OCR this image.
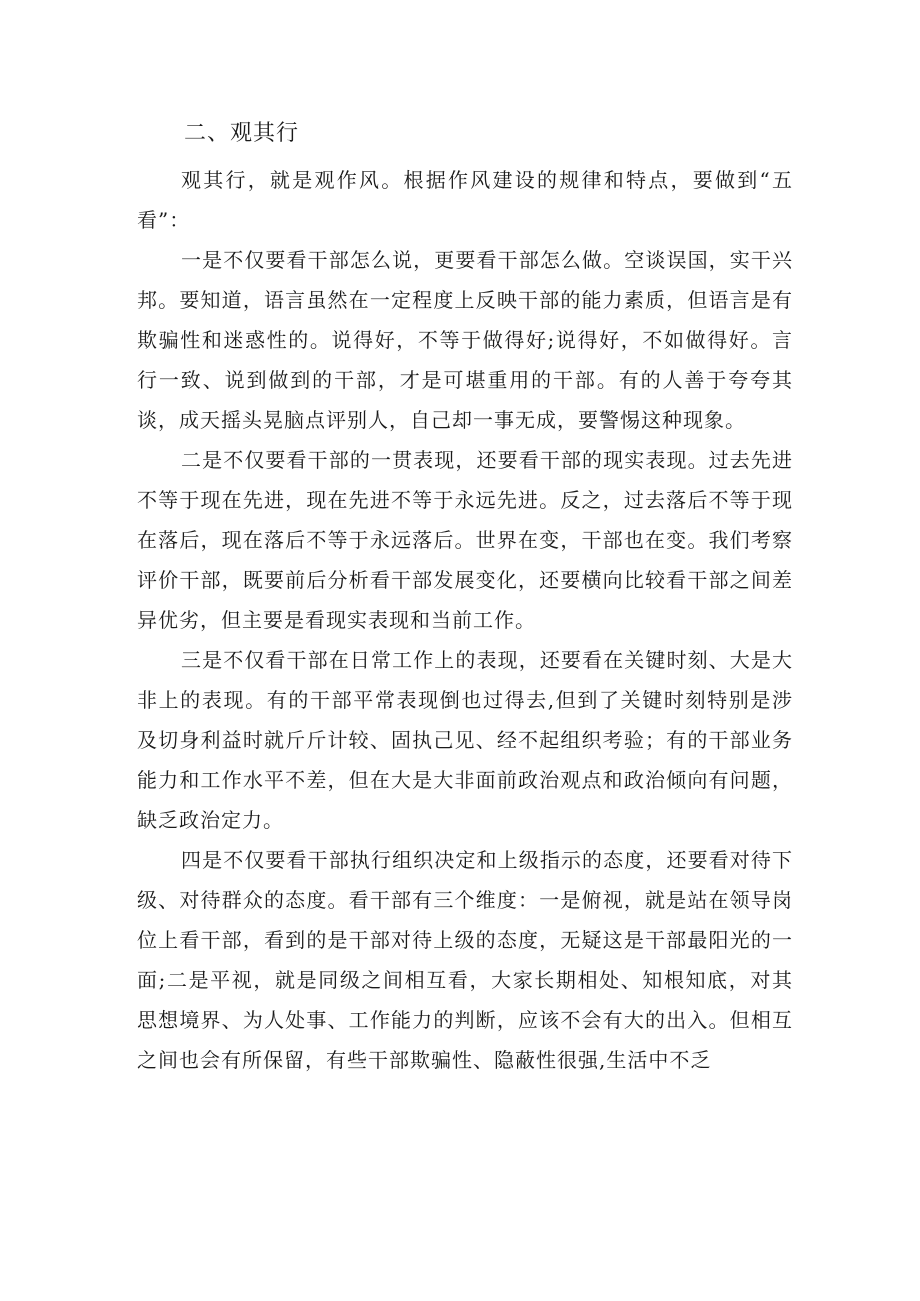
二、观其行

观其行，就是观作风。根据作风建设的规律和特点，要做到“五看”：

一是不仅要看干部怎么说，更要看干部怎么做。空谈误国，实干兴邦。要知道，语言虽然在一定程度上反映干部的能力素质，但语言是有欺骗性和迷惑性的。说得好，不等于做得好;说得好，不如做得好。言行一致、说到做到的干部，才是可堪重用的干部。有的人善于夸夸其谈，成天摇头晃脑点评别人，自己却一事无成，要警惕这种现象。

二是不仅要看干部的一贯表现，还要看干部的现实表现。过去先进不等于现在先进，现在先进不等于永远先进。反之，过去落后不等于现在落后，现在落后不等于永远落后。世界在变，干部也在变。我们考察评价干部，既要前后分析看干部发展变化，还要横向比较看干部之间差异优劣，但主要是看现实表现和当前工作。

三是不仅看干部在日常工作上的表现，还要看在关键时刻、大是大非上的表现。有的干部平常表现倒也过得去,但到了关键时刻特别是涉及切身利益时就斤斤计较、固执己见、经不起组织考验；有的干部业务能力和工作水平不差，但在大是大非面前政治观点和政治倾向有问题，缺乏政治定力。

四是不仅要看干部执行组织决定和上级指示的态度，还要看对待下级、对待群众的态度。看干部有三个维度：一是俯视，就是站在领导岗位上看干部，看到的是干部对待上级的态度，无疑这是干部最阳光的一面;二是平视，就是同级之间相互看，大家长期相处、知根知底，对其思想境界、为人处事、工作能力的判断，应该不会有大的出入。但相互之间也会有所保留，有些干部欺骗性、隐蔽性很强,生活中不乏
